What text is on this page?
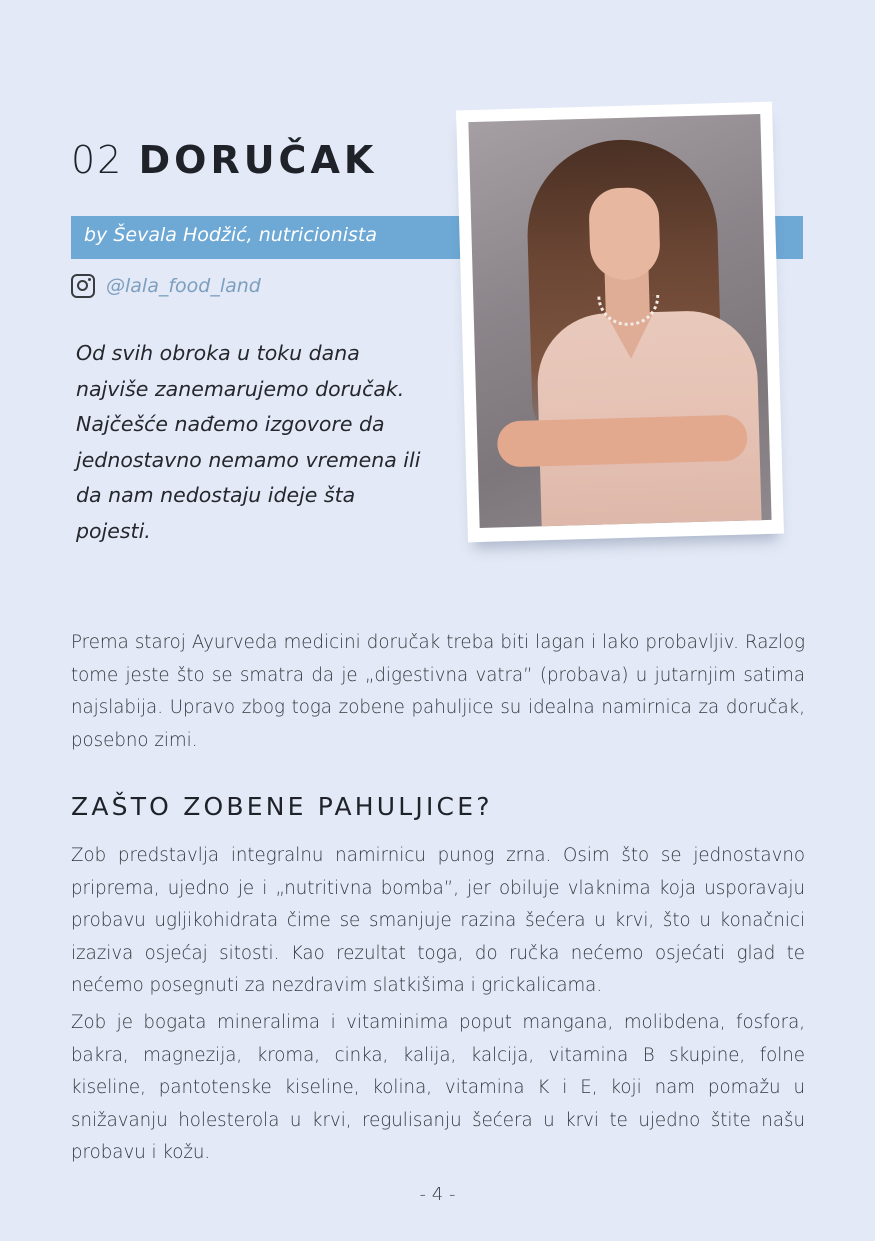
02 DORUČAK
by Ševala Hodžić, nutricionista
@lala_food_land

Od svih obroka u toku dana najviše zanemarujemo doručak. Najčešće nađemo izgovore da jednostavno nemamo vremena ili da nam nedostaju ideje šta pojesti.

Prema staroj Ayurveda medicini doručak treba biti lagan i lako probavljiv. Razlog tome jeste što se smatra da je „digestivna vatra” (probava) u jutarnjim satima najslabija. Upravo zbog toga zobene pahuljice su idealna namirnica za doručak, posebno zimi.

ZAŠTO ZOBENE PAHULJICE?

Zob predstavlja integralnu namirnicu punog zrna. Osim što se jednostavno priprema, ujedno je i „nutritivna bomba”, jer obiluje vlaknima koja usporavaju probavu ugljikohidrata čime se smanjuje razina šećera u krvi, što u konačnici izaziva osjećaj sitosti. Kao rezultat toga, do ručka nećemo osjećati glad te nećemo posegnuti za nezdravim slatkišima i grickalicama.

Zob je bogata mineralima i vitaminima poput mangana, molibdena, fosfora, bakra, magnezija, kroma, cinka, kalija, kalcija, vitamina B skupine, folne kiseline, pantotenske kiseline, kolina, vitamina K i E, koji nam pomažu u snižavanju holesterola u krvi, regulisanju šećera u krvi te ujedno štite našu probavu i kožu.

- 4 -
